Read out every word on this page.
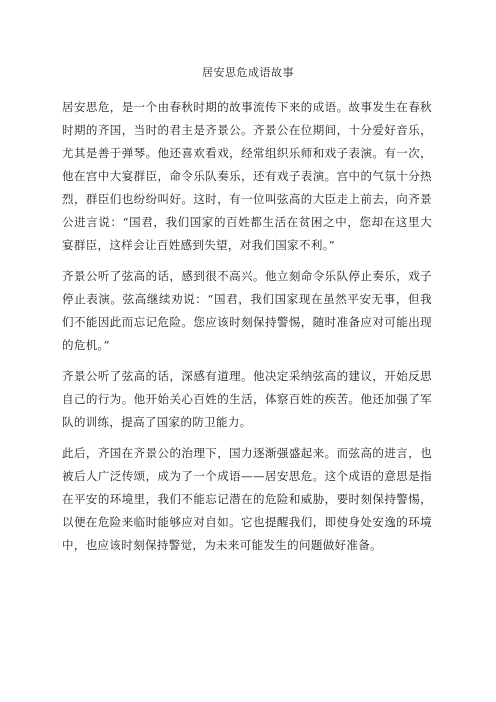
居安思危成语故事

居安思危，是一个由春秋时期的故事流传下来的成语。故事发生在春秋时期的齐国，当时的君主是齐景公。齐景公在位期间，十分爱好音乐，尤其是善于弹琴。他还喜欢看戏，经常组织乐师和戏子表演。有一次，他在宫中大宴群臣，命令乐队奏乐，还有戏子表演。宫中的气氛十分热烈，群臣们也纷纷叫好。这时，有一位叫弦高的大臣走上前去，向齐景公进言说：“国君，我们国家的百姓都生活在贫困之中，您却在这里大宴群臣，这样会让百姓感到失望，对我们国家不利。”

齐景公听了弦高的话，感到很不高兴。他立刻命令乐队停止奏乐，戏子停止表演。弦高继续劝说：“国君，我们国家现在虽然平安无事，但我们不能因此而忘记危险。您应该时刻保持警惕，随时准备应对可能出现的危机。”

齐景公听了弦高的话，深感有道理。他决定采纳弦高的建议，开始反思自己的行为。他开始关心百姓的生活，体察百姓的疾苦。他还加强了军队的训练，提高了国家的防卫能力。

此后，齐国在齐景公的治理下，国力逐渐强盛起来。而弦高的进言，也被后人广泛传颂，成为了一个成语——居安思危。这个成语的意思是指在平安的环境里，我们不能忘记潜在的危险和威胁，要时刻保持警惕，以便在危险来临时能够应对自如。它也提醒我们，即使身处安逸的环境中，也应该时刻保持警觉，为未来可能发生的问题做好准备。
